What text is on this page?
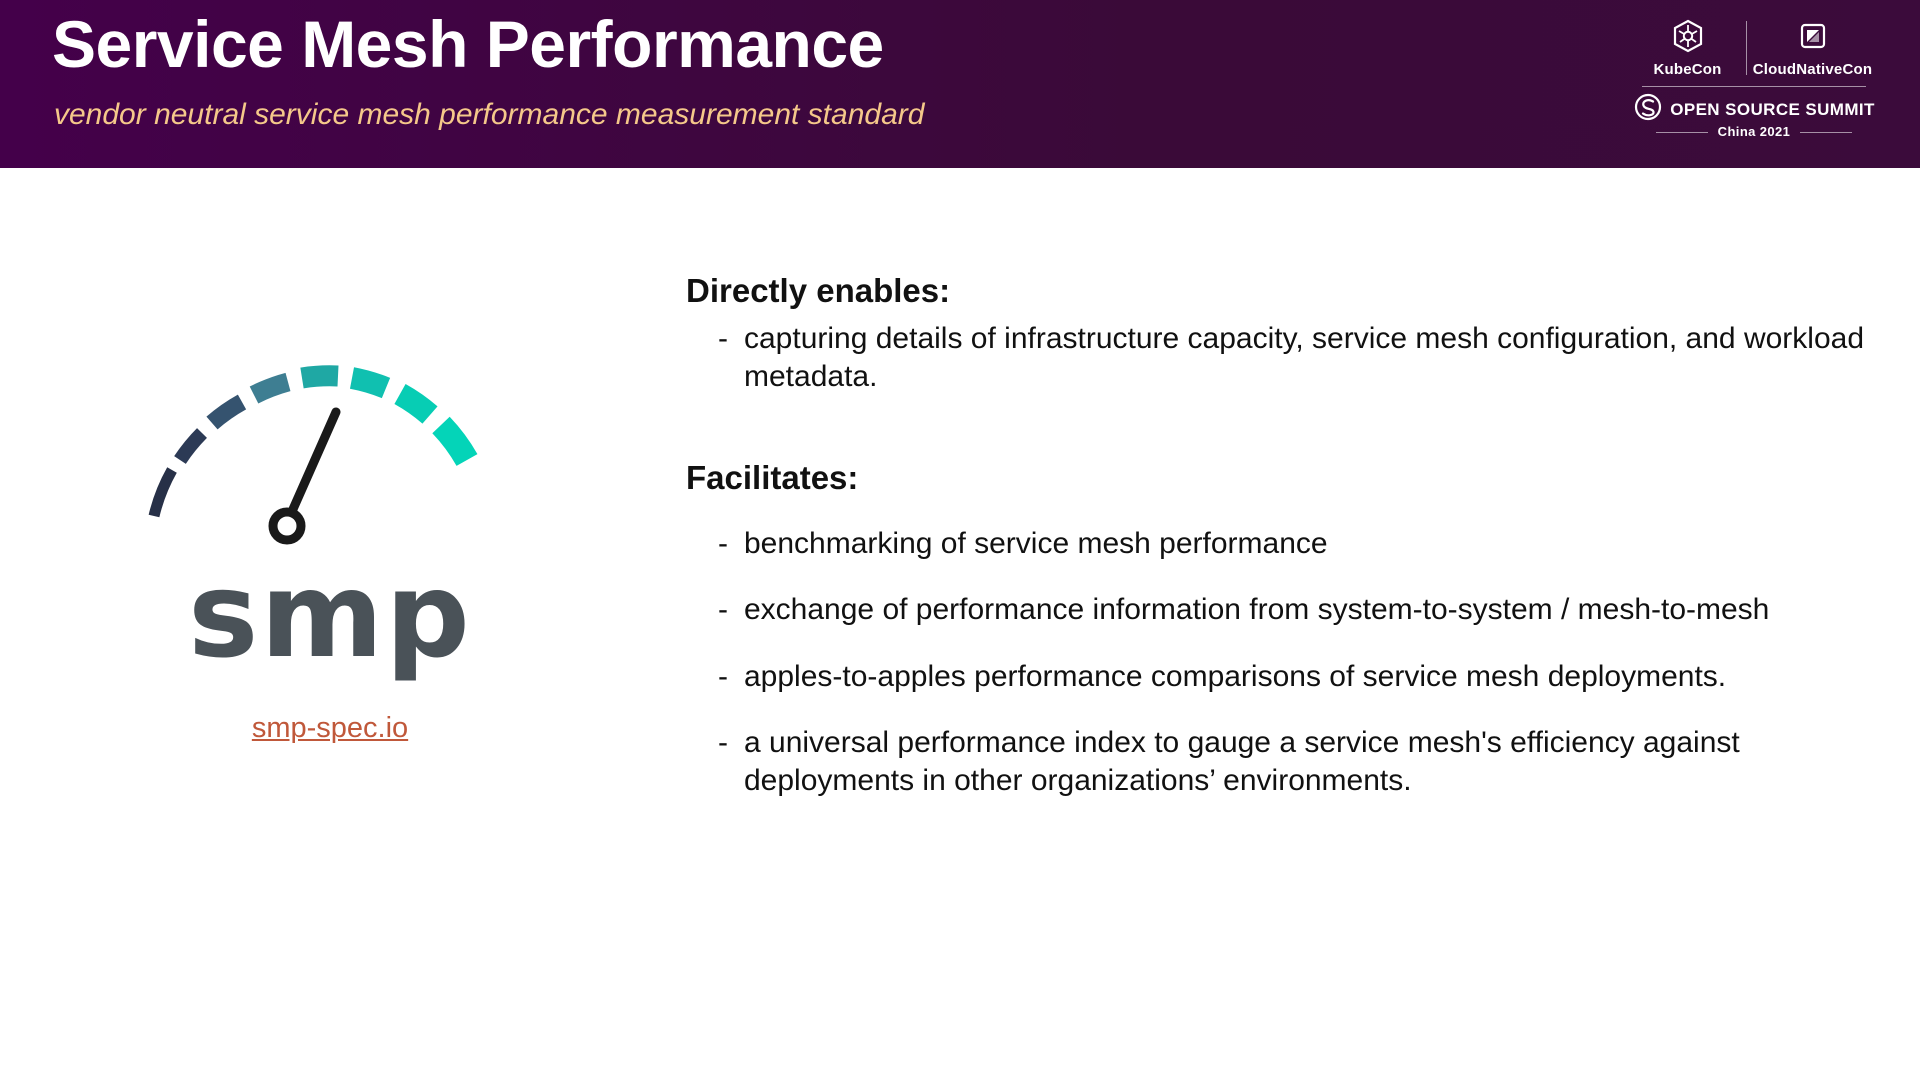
Service Mesh Performance
vendor neutral service mesh performance measurement standard
KubeCon CloudNativeCon
OPEN SOURCE SUMMIT
China 2021
smp
smp-spec.io
Directly enables:
- capturing details of infrastructure capacity, service mesh configuration, and workload metadata.
Facilitates:
- benchmarking of service mesh performance
- exchange of performance information from system-to-system / mesh-to-mesh
- apples-to-apples performance comparisons of service mesh deployments.
- a universal performance index to gauge a service mesh's efficiency against deployments in other organizations’ environments.
